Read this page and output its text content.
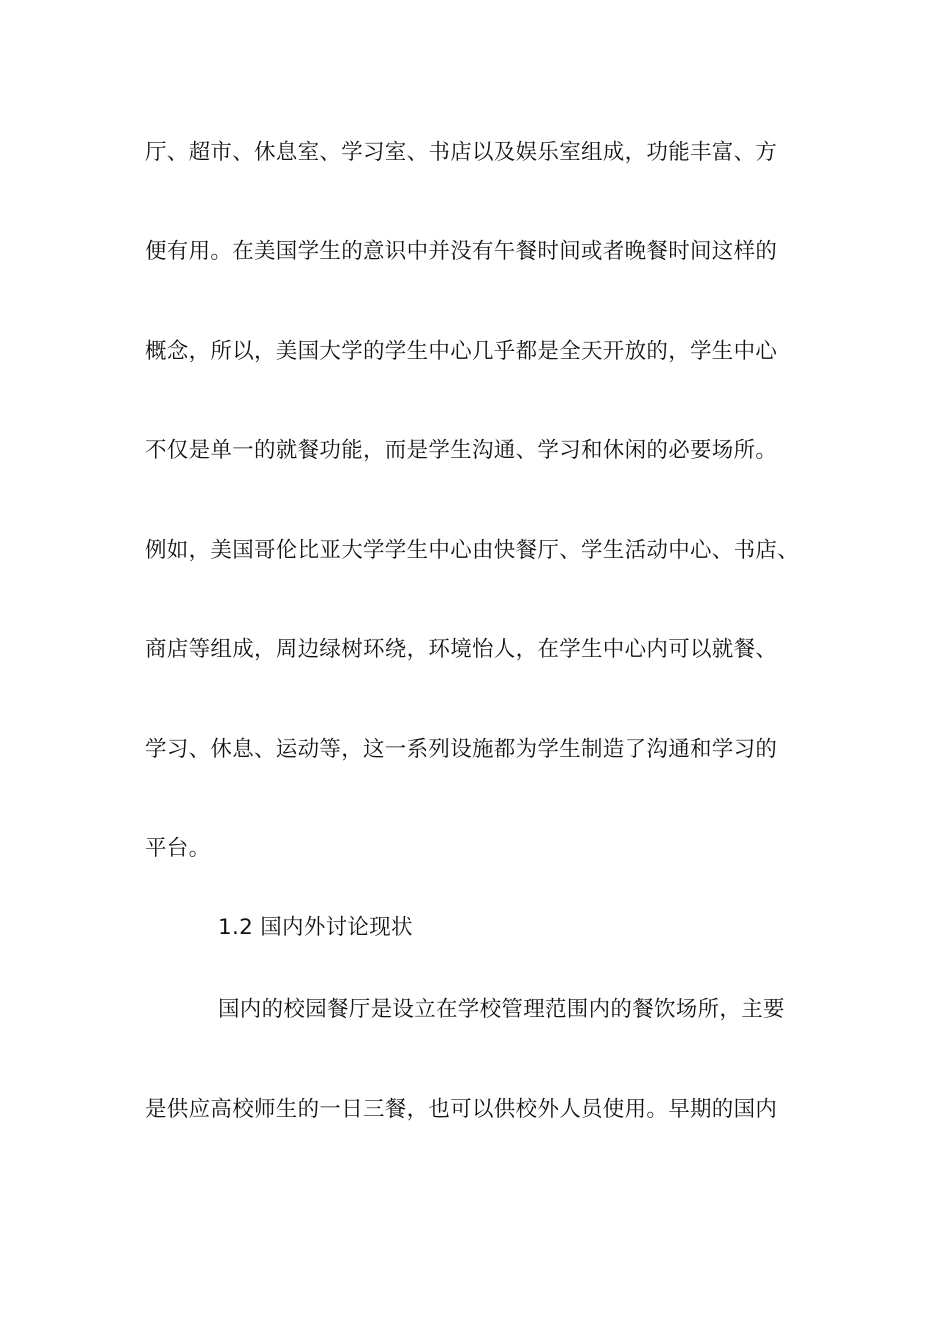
厅、超市、休息室、学习室、书店以及娱乐室组成，功能丰富、方
便有用。在美国学生的意识中并没有午餐时间或者晚餐时间这样的
概念，所以，美国大学的学生中心几乎都是全天开放的，学生中心
不仅是单一的就餐功能，而是学生沟通、学习和休闲的必要场所。
例如，美国哥伦比亚大学学生中心由快餐厅、学生活动中心、书店、
商店等组成，周边绿树环绕，环境怡人，在学生中心内可以就餐、
学习、休息、运动等，这一系列设施都为学生制造了沟通和学习的
平台。
1.2 国内外讨论现状
国内的校园餐厅是设立在学校管理范围内的餐饮场所，主要
是供应高校师生的一日三餐，也可以供校外人员使用。早期的国内
